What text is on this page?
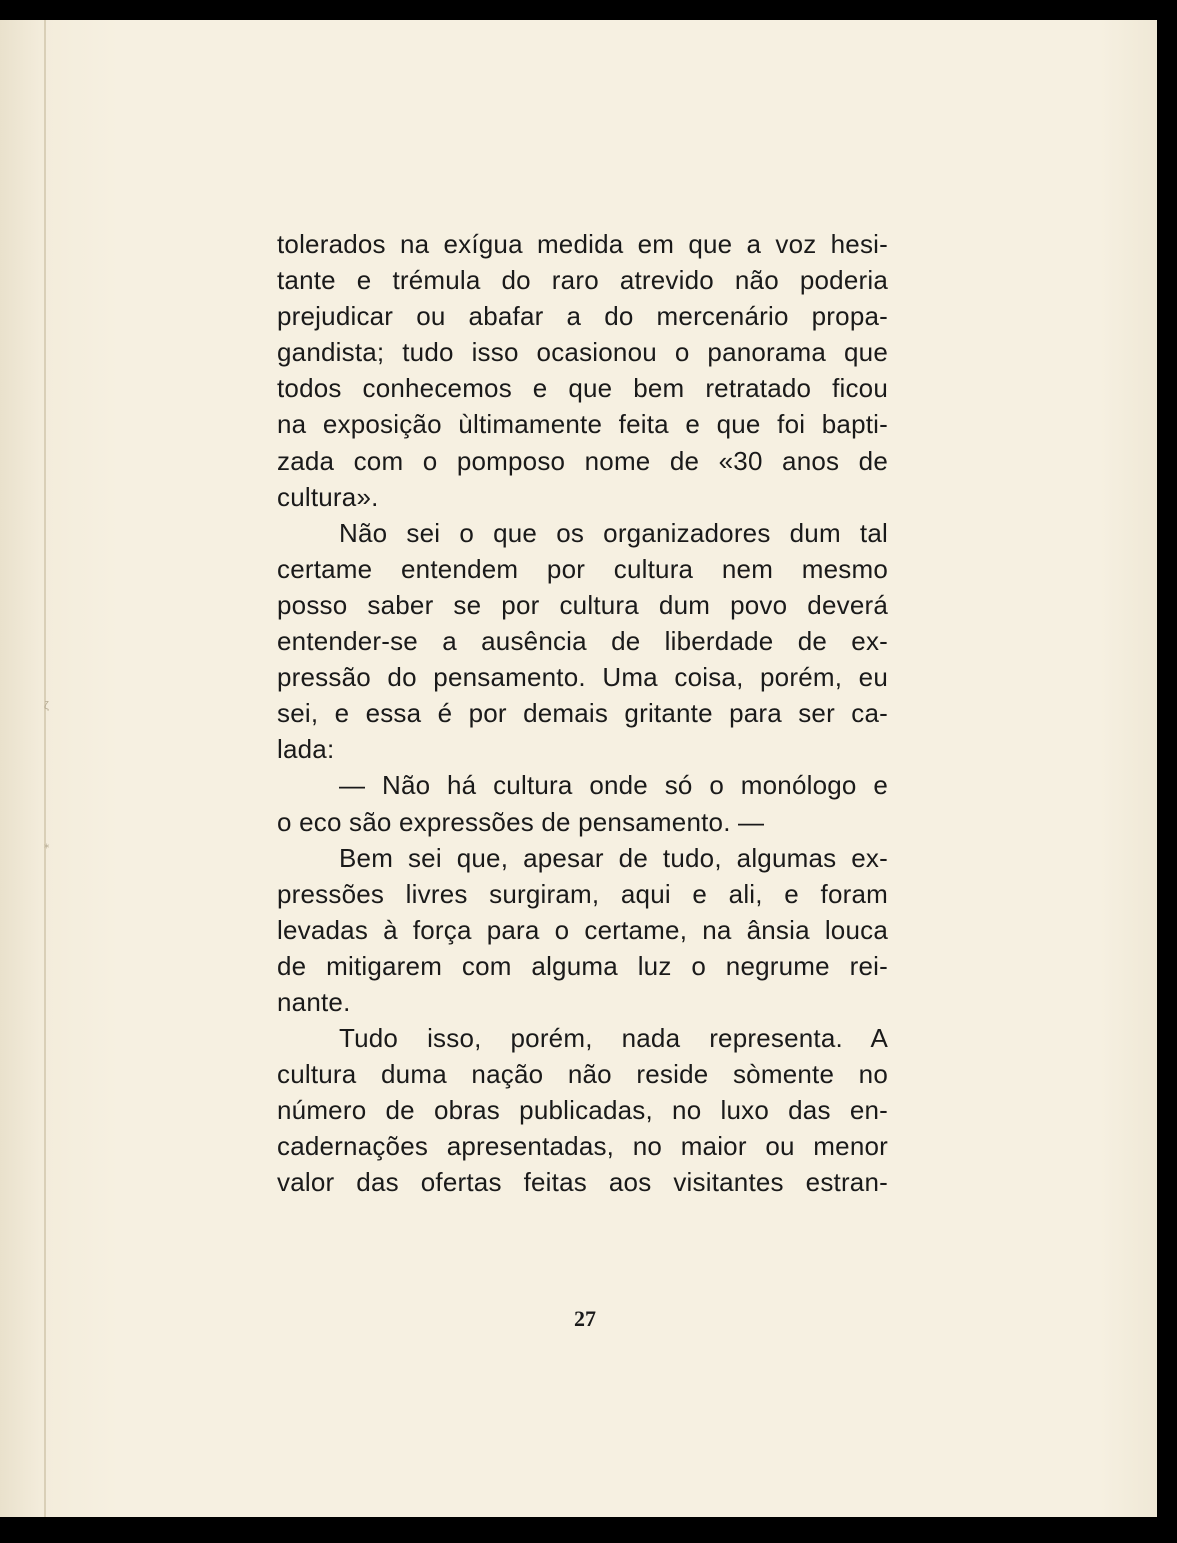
ζ
⁎
tolerados na exígua medida em que a voz hesi-
tante e trémula do raro atrevido não poderia
prejudicar ou abafar a do mercenário propa-
gandista; tudo isso ocasionou o panorama que
todos conhecemos e que bem retratado ficou
na exposição ùltimamente feita e que foi bapti-
zada com o pomposo nome de «30 anos de
cultura».
Não sei o que os organizadores dum tal
certame entendem por cultura nem mesmo
posso saber se por cultura dum povo deverá
entender-se a ausência de liberdade de ex-
pressão do pensamento. Uma coisa, porém, eu
sei, e essa é por demais gritante para ser ca-
lada:
— Não há cultura onde só o monólogo e
o eco são expressões de pensamento. —
Bem sei que, apesar de tudo, algumas ex-
pressões livres surgiram, aqui e ali, e foram
levadas à força para o certame, na ânsia louca
de mitigarem com alguma luz o negrume rei-
nante.
Tudo isso, porém, nada representa. A
cultura duma nação não reside sòmente no
número de obras publicadas, no luxo das en-
cadernações apresentadas, no maior ou menor
valor das ofertas feitas aos visitantes estran-
27
